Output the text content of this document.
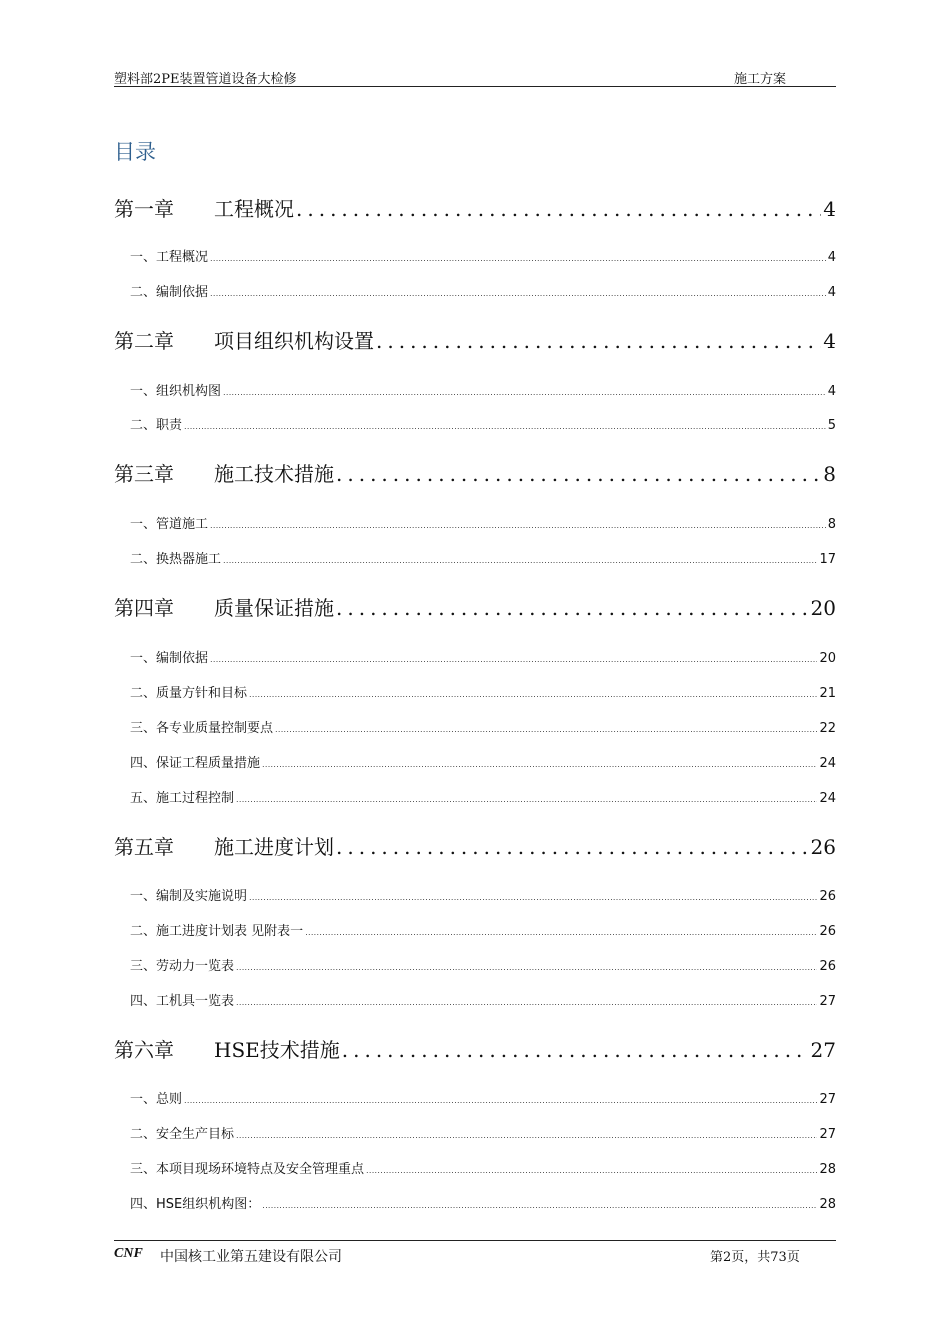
塑料部2PE装置管道设备大检修	施工方案
目录
第一章	工程概况 .....	4
一、工程概况 .....	4
二、编制依据 .....	4
第二章	项目组织机构设置 .....	4
一、组织机构图 .....	4
二、职责 .....	5
第三章	施工技术措施 .....	8
一、管道施工 .....	8
二、换热器施工 .....	17
第四章	质量保证措施 .....	20
一、编制依据 .....	20
二、质量方针和目标 .....	21
三、各专业质量控制要点 .....	22
四、保证工程质量措施 .....	24
五、施工过程控制 .....	24
第五章	施工进度计划 .....	26
一、编制及实施说明 .....	26
二、施工进度计划表 见附表一 .....	26
三、劳动力一览表 .....	26
四、工机具一览表 .....	27
第六章	HSE技术措施 .....	27
一、总则 .....	27
二、安全生产目标 .....	27
三、本项目现场环境特点及安全管理重点 .....	28
四、HSE组织机构图： .....	28
CNF 中国核工业第五建设有限公司	第2页，共73页
